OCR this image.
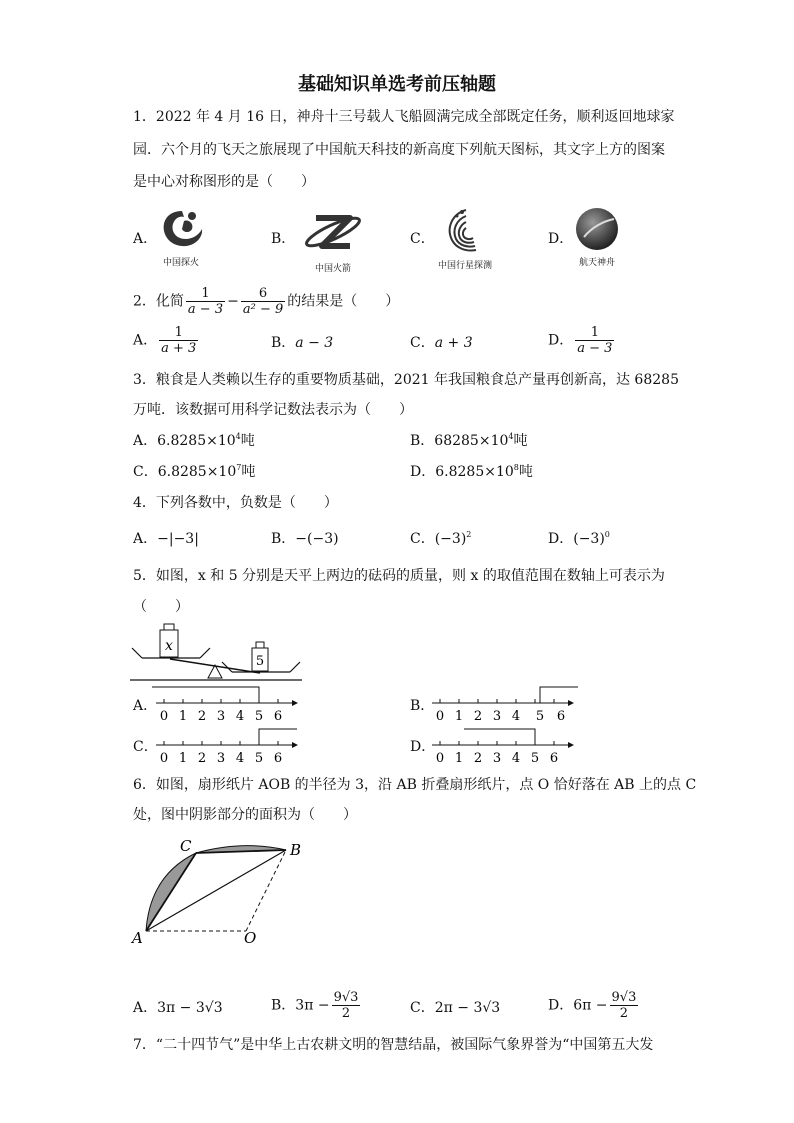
基础知识单选考前压轴题
1．2022 年 4 月 16 日，神舟十三号载人飞船圆满完成全部既定任务，顺利返回地球家
园．六个月的飞天之旅展现了中国航天科技的新高度下列航天图标，其文字上方的图案
是中心对称图形的是（　　）
A．
中国探火
B．
中国火箭
C．
中国行星探测
D．
航天神舟
2．化简 $\frac{1}{a - 3} - \frac{6}{\text{a² − 9}}$ 的结果是（　　）
A． $\frac{1}{a + 3}$	B．a − 3	C．a + 3	D． $\frac{1}{a - 3}$
3．粮食是人类赖以生存的重要物质基础，2021 年我国粮食总产量再创新高，达 68285
万吨．该数据可用科学记数法表示为（　　）
A．$6.8285\times 10^4$吨	B．$68285\times 10^4$吨
C．$6.8285\times 10^7$吨	D．$6.8285\times 10^8$吨
4．下列各数中，负数是（　　）
A．−|−3|	B．−(−3)	C．$(-3)^2$	D．$(-3)^0$
5．如图，x 和 5 分别是天平上两边的砝码的质量，则 x 的取值范围在数轴上可表示为
（　　）
x
5
A．
0 1 2 3 4 5 6
B．
0 1 2 3 4 5 6
C．
0 1 2 3 4 5 6
D．
0 1 2 3 4 5 6
6．如图，扇形纸片 AOB 的半径为 3，沿 AB 折叠扇形纸片，点 O 恰好落在 AB 上的点 C
处，图中阴影部分的面积为（　　）
A	O
B
C
A．3π − 3√3	B．$3\pi - \frac{9√3}{2}$	C．2π − 3√3	D．$6\pi - \frac{9√3}{2}$
7．“二十四节气”是中华上古农耕文明的智慧结晶，被国际气象界誉为“中国第五大发
